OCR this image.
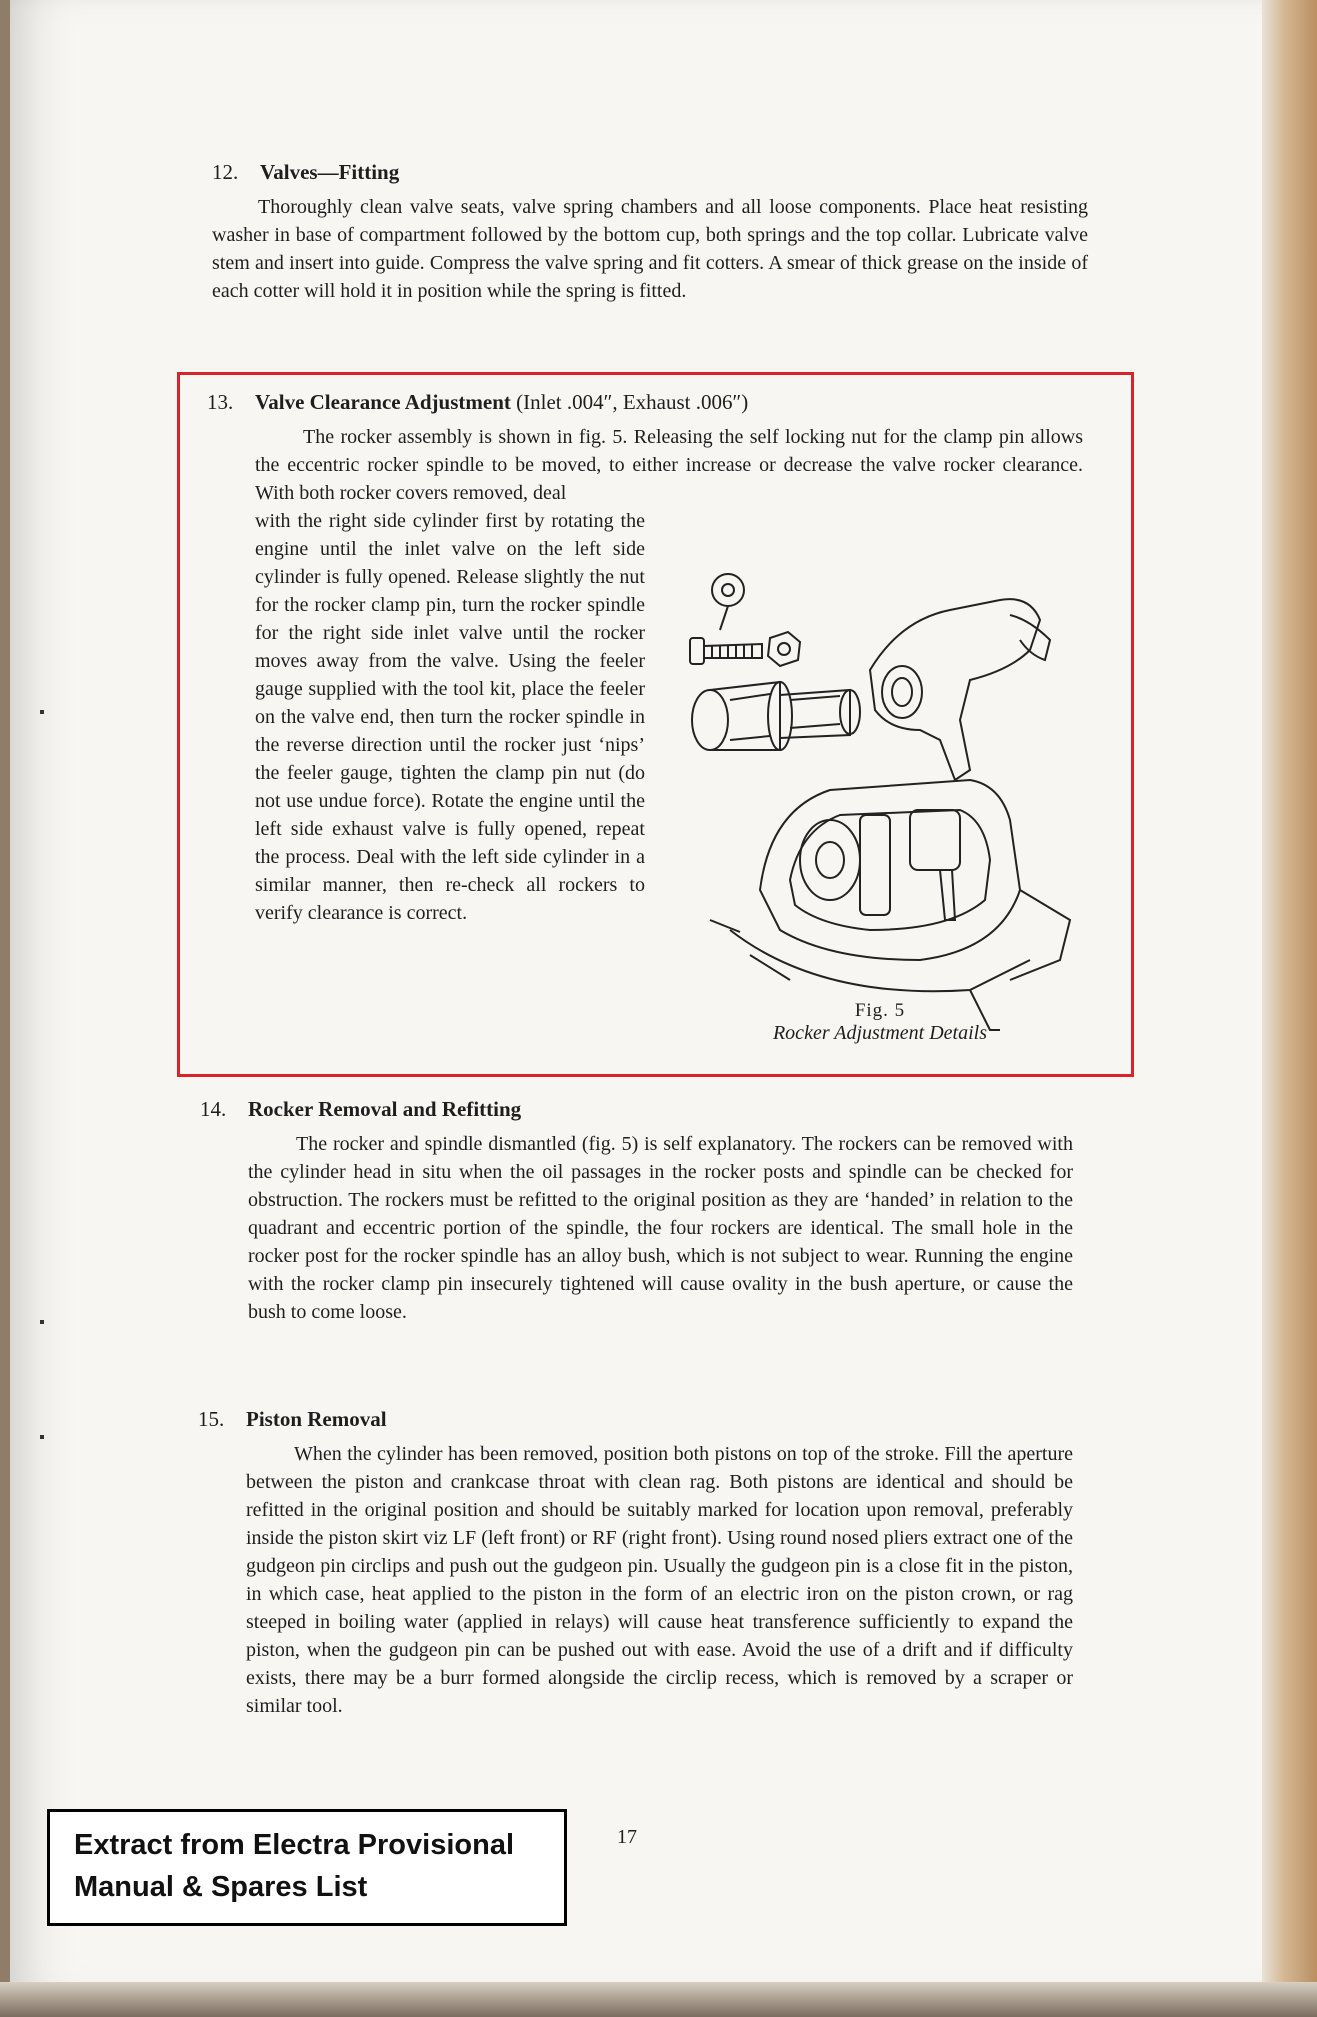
12. Valves—Fitting

Thoroughly clean valve seats, valve spring chambers and all loose components. Place heat resisting washer in base of compartment followed by the bottom cup, both springs and the top collar. Lubricate valve stem and insert into guide. Compress the valve spring and fit cotters. A smear of thick grease on the inside of each cotter will hold it in position while the spring is fitted.

13. Valve Clearance Adjustment (Inlet .004″, Exhaust .006″)

The rocker assembly is shown in fig. 5. Releasing the self locking nut for the clamp pin allows the eccentric rocker spindle to be moved, to either increase or decrease the valve rocker clearance. With both rocker covers removed, deal

with the right side cylinder first by rotating the engine until the inlet valve on the left side cylinder is fully opened. Release slightly the nut for the rocker clamp pin, turn the rocker spindle for the right side inlet valve until the rocker moves away from the valve. Using the feeler gauge supplied with the tool kit, place the feeler on the valve end, then turn the rocker spindle in the reverse direction until the rocker just ‘nips’ the feeler gauge, tighten the clamp pin nut (do not use undue force). Rotate the engine until the left side exhaust valve is fully opened, repeat the process. Deal with the left side cylinder in a similar manner, then re-check all rockers to verify clearance is correct.

Fig. 5
Rocker Adjustment Details
14. Rocker Removal and Refitting

The rocker and spindle dismantled (fig. 5) is self explanatory. The rockers can be removed with the cylinder head in situ when the oil passages in the rocker posts and spindle can be checked for obstruction. The rockers must be refitted to the original position as they are ‘handed’ in relation to the quadrant and eccentric portion of the spindle, the four rockers are identical. The small hole in the rocker post for the rocker spindle has an alloy bush, which is not subject to wear. Running the engine with the rocker clamp pin insecurely tightened will cause ovality in the bush aperture, or cause the bush to come loose.

15. Piston Removal

When the cylinder has been removed, position both pistons on top of the stroke. Fill the aperture between the piston and crankcase throat with clean rag. Both pistons are identical and should be refitted in the original position and should be suitably marked for location upon removal, preferably inside the piston skirt viz LF (left front) or RF (right front). Using round nosed pliers extract one of the gudgeon pin circlips and push out the gudgeon pin. Usually the gudgeon pin is a close fit in the piston, in which case, heat applied to the piston in the form of an electric iron on the piston crown, or rag steeped in boiling water (applied in relays) will cause heat transference sufficiently to expand the piston, when the gudgeon pin can be pushed out with ease. Avoid the use of a drift and if difficulty exists, there may be a burr formed alongside the circlip recess, which is removed by a scraper or similar tool.

17
Extract from Electra Provisional
Manual & Spares List
